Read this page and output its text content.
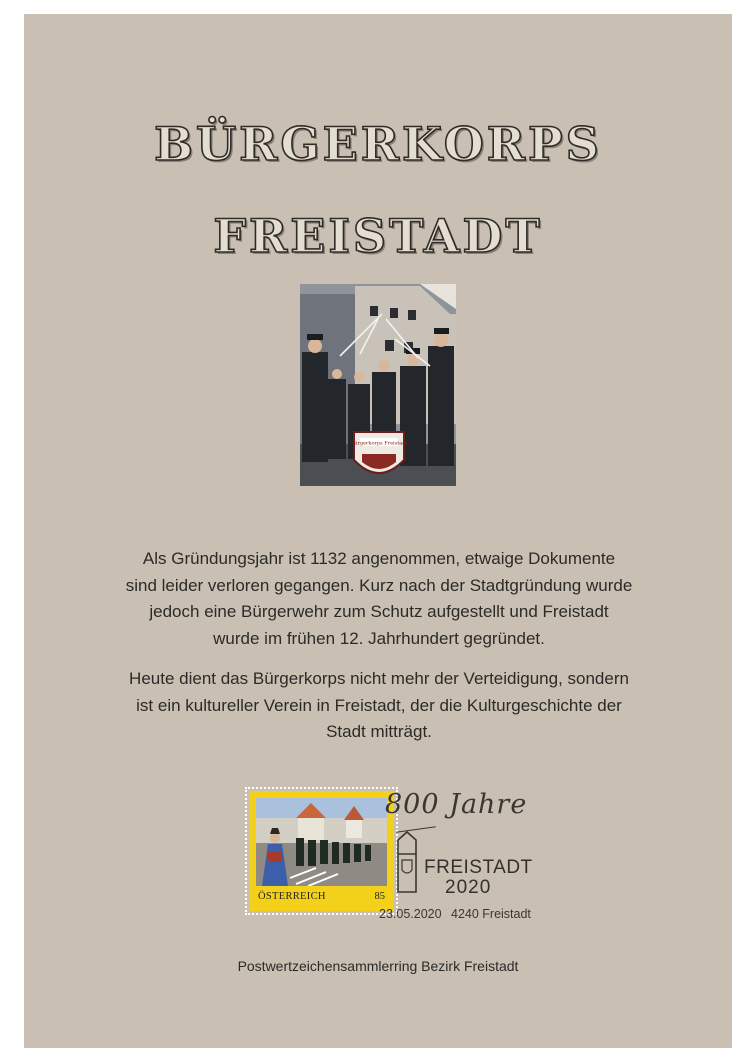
BÜRGERKORPS
FREISTADT
Bürgerkorps Freistadt
Als Gründungsjahr ist 1132 angenommen, etwaige Dokumente
sind leider verloren gegangen. Kurz nach der Stadtgründung wurde
jedoch eine Bürgerwehr zum Schutz aufgestellt und Freistadt
wurde im frühen 12. Jahrhundert gegründet.
Heute dient das Bürgerkorps nicht mehr der Verteidigung, sondern
ist ein kultureller Verein in Freistadt, der die Kulturgeschichte der
Stadt mitträgt.
ÖSTERREICH	85
800 Jahre
FREISTADT
2020
23.05.2020 4240 Freistadt
Postwertzeichensammlerring Bezirk Freistadt
